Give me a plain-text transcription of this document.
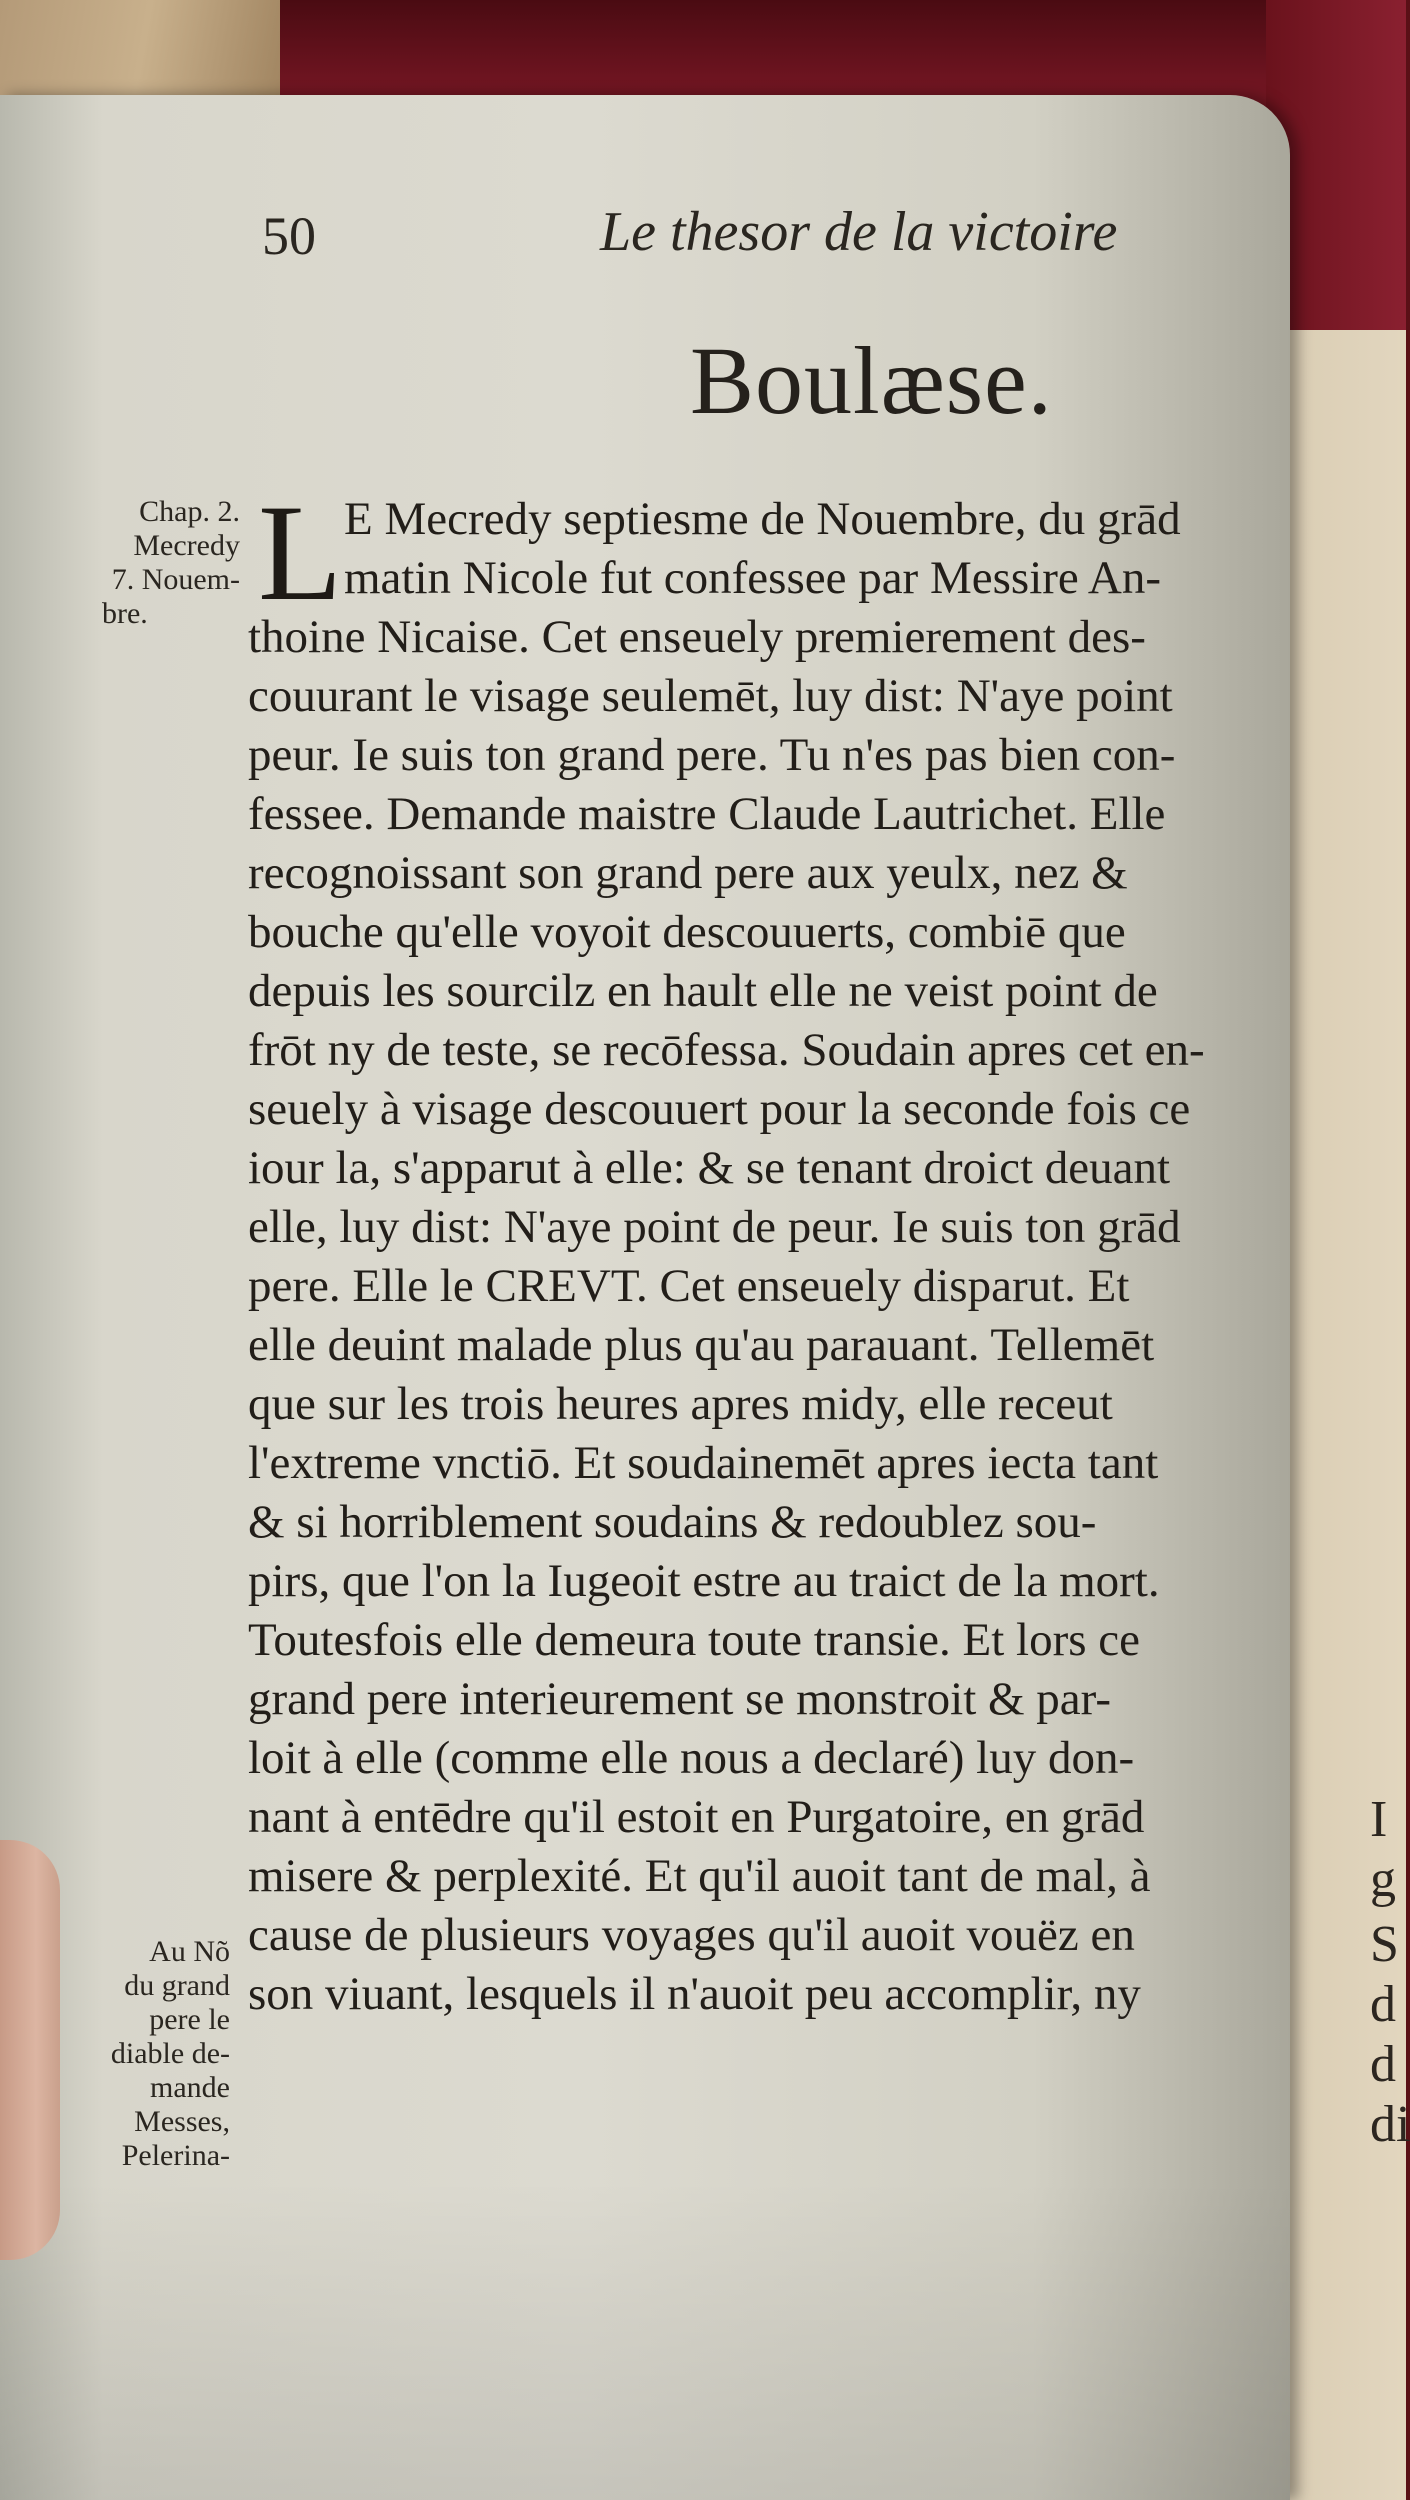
I
g
S
d
d
di
50	Le thesor de la victoire
Boulæse.
Chap. 2.
Mecredy
7. Nouem-
bre.
Au Nõ
du grand
pere le
diable de-
mande
Messes,
Pelerina-
L E Mecredy septiesme de Nouembre, du grād
matin Nicole fut confessee par Messire An-
thoine Nicaise. Cet enseuely premierement des-
couurant le visage seulemēt, luy dist: N'aye point
peur. Ie suis ton grand pere. Tu n'es pas bien con-
fessee. Demande maistre Claude Lautrichet. Elle
recognoissant son grand pere aux yeulx, nez &
bouche qu'elle voyoit descouuerts, combiē que
depuis les sourcilz en hault elle ne veist point de
frōt ny de teste, se recōfessa. Soudain apres cet en-
seuely à visage descouuert pour la seconde fois ce
iour la, s'apparut à elle: & se tenant droict deuant
elle, luy dist: N'aye point de peur. Ie suis ton grād
pere. Elle le CREVT. Cet enseuely disparut. Et
elle deuint malade plus qu'au parauant. Tellemēt
que sur les trois heures apres midy, elle receut
l'extreme vnctiō. Et soudainemēt apres iecta tant
& si horriblement soudains & redoublez sou-
pirs, que l'on la Iugeoit estre au traict de la mort.
Toutesfois elle demeura toute transie. Et lors ce
grand pere interieurement se monstroit & par-
loit à elle (comme elle nous a declaré) luy don-
nant à entēdre qu'il estoit en Purgatoire, en grād
misere & perplexité. Et qu'il auoit tant de mal, à
cause de plusieurs voyages qu'il auoit vouëz en
son viuant, lesquels il n'auoit peu accomplir, ny
